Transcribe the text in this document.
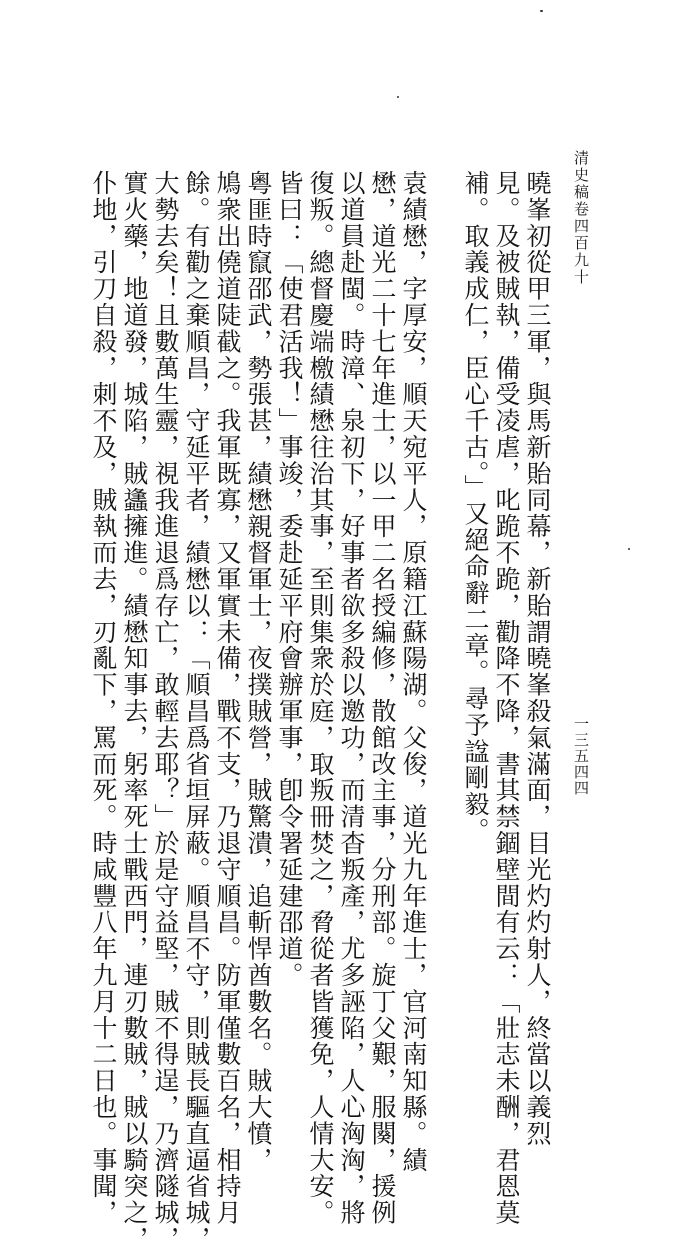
清史稿卷四百九十
一三五四四
曉峯初從甲三軍，與馬新貽同幕，新貽謂曉峯殺氣滿面，目光灼灼射人，終當以義烈
見。及被賊執，備受凌虐，叱跪不跪，勸降不降，書其禁錮壁間有云：「壯志未酬，君恩莫
補。取義成仁，臣心千古。」又絕命辭二章。尋予諡剛毅。
袁績懋，字厚安，順天宛平人，原籍江蘇陽湖。父俊，道光九年進士，官河南知縣。績
懋，道光二十七年進士，以一甲二名授編修，散館改主事，分刑部。旋丁父艱，服闋，援例
以道員赴閩。時漳、泉初下，好事者欲多殺以邀功，而清杳叛產，尤多誣陷，人心洶洶，將
復叛。總督慶端檄績懋往治其事，至則集衆於庭，取叛冊焚之，脅從者皆獲免，人情大安。
皆曰：「使君活我！」事竣，委赴延平府會辦軍事，卽令署延建邵道。
粵匪時竄邵武，勢張甚，績懋親督軍士，夜撲賊營，賊驚潰，追斬悍酋數名。賊大憤，
鳩衆出僥道陡截之。我軍既寡，又軍實未備，戰不支，乃退守順昌。防軍僅數百名，相持月
餘。有勸之棄順昌，守延平者，績懋以：「順昌爲省垣屏蔽。順昌不守，則賊長驅直逼省城，
大勢去矣！且數萬生靈，視我進退爲存亡，敢輕去耶？」於是守益堅，賊不得逞，乃濟隧城，
實火藥，地道發，城陷，賊蠭擁進。績懋知事去，躬率死士戰西門，連刃數賊，賊以騎突之，
仆地，引刀自殺，刺不及，賊執而去，刃亂下，罵而死。時咸豐八年九月十二日也。事聞，
